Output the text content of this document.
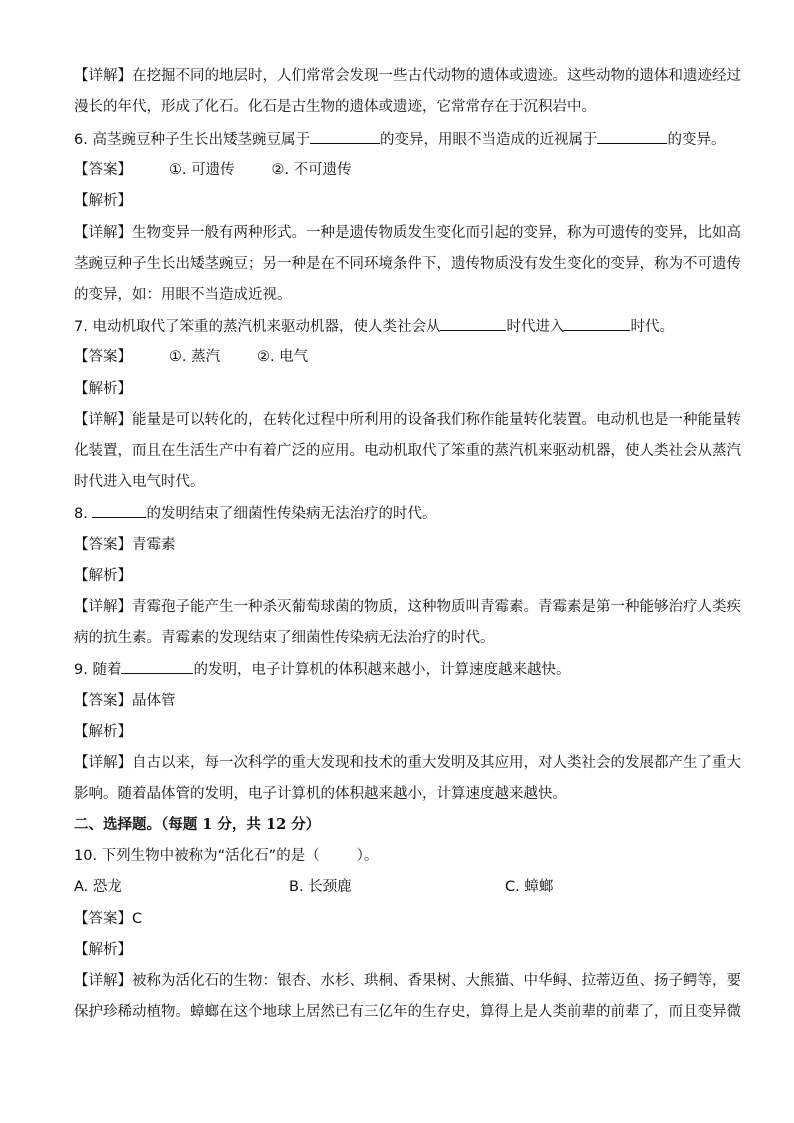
【详解】在挖掘不同的地层时，人们常常会发现一些古代动物的遗体或遗迹。这些动物的遗体和遗迹经过
漫长的年代，形成了化石。化石是古生物的遗体或遗迹，它常常存在于沉积岩中。
6. 高茎豌豆种子生长出矮茎豌豆属于	的变异，用眼不当造成的近视属于	的变异。
【答案】        ①. 可遗传        ②. 不可遗传
【解析】
【详解】生物变异一般有两种形式。一种是遗传物质发生变化而引起的变异，称为可遗传的变异，比如高
茎豌豆种子生长出矮茎豌豆；另一种是在不同环境条件下，遗传物质没有发生变化的变异，称为不可遗传
的变异，如：用眼不当造成近视。
7. 电动机取代了笨重的蒸汽机来驱动机器，使人类社会从	时代进入	时代。
【答案】        ①. 蒸汽        ②. 电气
【解析】
【详解】能量是可以转化的，在转化过程中所利用的设备我们称作能量转化装置。电动机也是一种能量转
化装置，而且在生活生产中有着广泛的应用。电动机取代了笨重的蒸汽机来驱动机器，使人类社会从蒸汽
时代进入电气时代。
8.	的发明结束了细菌性传染病无法治疗的时代。
【答案】青霉素
【解析】
【详解】青霉孢子能产生一种杀灭葡萄球菌的物质，这种物质叫青霉素。青霉素是第一种能够治疗人类疾
病的抗生素。青霉素的发现结束了细菌性传染病无法治疗的时代。
9. 随着	的发明，电子计算机的体积越来越小，计算速度越来越快。
【答案】晶体管
【解析】
【详解】自古以来，每一次科学的重大发现和技术的重大发明及其应用，对人类社会的发展都产生了重大
影响。随着晶体管的发明，电子计算机的体积越来越小，计算速度越来越快。
二、选择题。（每题 1 分，共 12 分）
10. 下列生物中被称为“活化石”的是（        ）。
A. 恐龙	B. 长颈鹿	C. 蟑螂
【答案】C
【解析】
【详解】被称为活化石的生物：银杏、水杉、珙桐、香果树、大熊猫、中华鲟、拉蒂迈鱼、扬子鳄等，要
保护珍稀动植物。蟑螂在这个地球上居然已有三亿年的生存史，算得上是人类前辈的前辈了，而且变异微
